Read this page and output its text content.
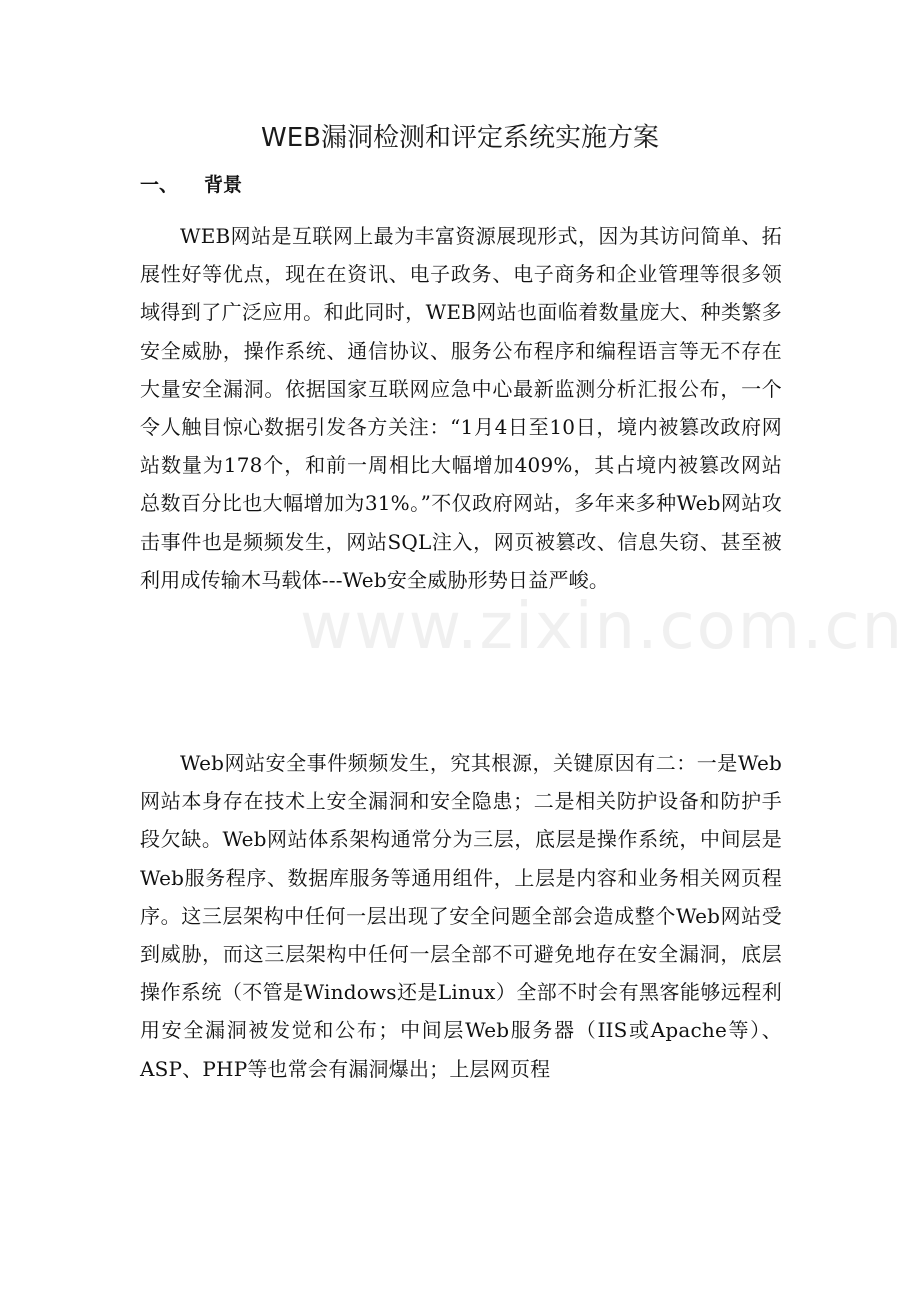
www.zixin.com.cn
WEB漏洞检测和评定系统实施方案
一、 背景

WEB网站是互联网上最为丰富资源展现形式，因为其访问简单、拓展性好等优点，现在在资讯、电子政务、电子商务和企业管理等很多领域得到了广泛应用。和此同时，WEB网站也面临着数量庞大、种类繁多安全威胁，操作系统、通信协议、服务公布程序和编程语言等无不存在大量安全漏洞。依据国家互联网应急中心最新监测分析汇报公布，一个令人触目惊心数据引发各方关注：“1月4日至10日，境内被篡改政府网站数量为178个，和前一周相比大幅增加409%，其占境内被篡改网站总数百分比也大幅增加为31%。”不仅政府网站，多年来多种Web网站攻击事件也是频频发生，网站SQL注入，网页被篡改、信息失窃、甚至被利用成传输木马载体---Web安全威胁形势日益严峻。

Web网站安全事件频频发生，究其根源，关键原因有二：一是Web网站本身存在技术上安全漏洞和安全隐患；二是相关防护设备和防护手段欠缺。Web网站体系架构通常分为三层，底层是操作系统，中间层是Web服务程序、数据库服务等通用组件，上层是内容和业务相关网页程序。这三层架构中任何一层出现了安全问题全部会造成整个Web网站受到威胁，而这三层架构中任何一层全部不可避免地存在安全漏洞，底层操作系统（不管是Windows还是Linux）全部不时会有黑客能够远程利用安全漏洞被发觉和公布；中间层Web服务器（IIS或Apache等）、ASP、PHP等也常会有漏洞爆出；上层网页程
